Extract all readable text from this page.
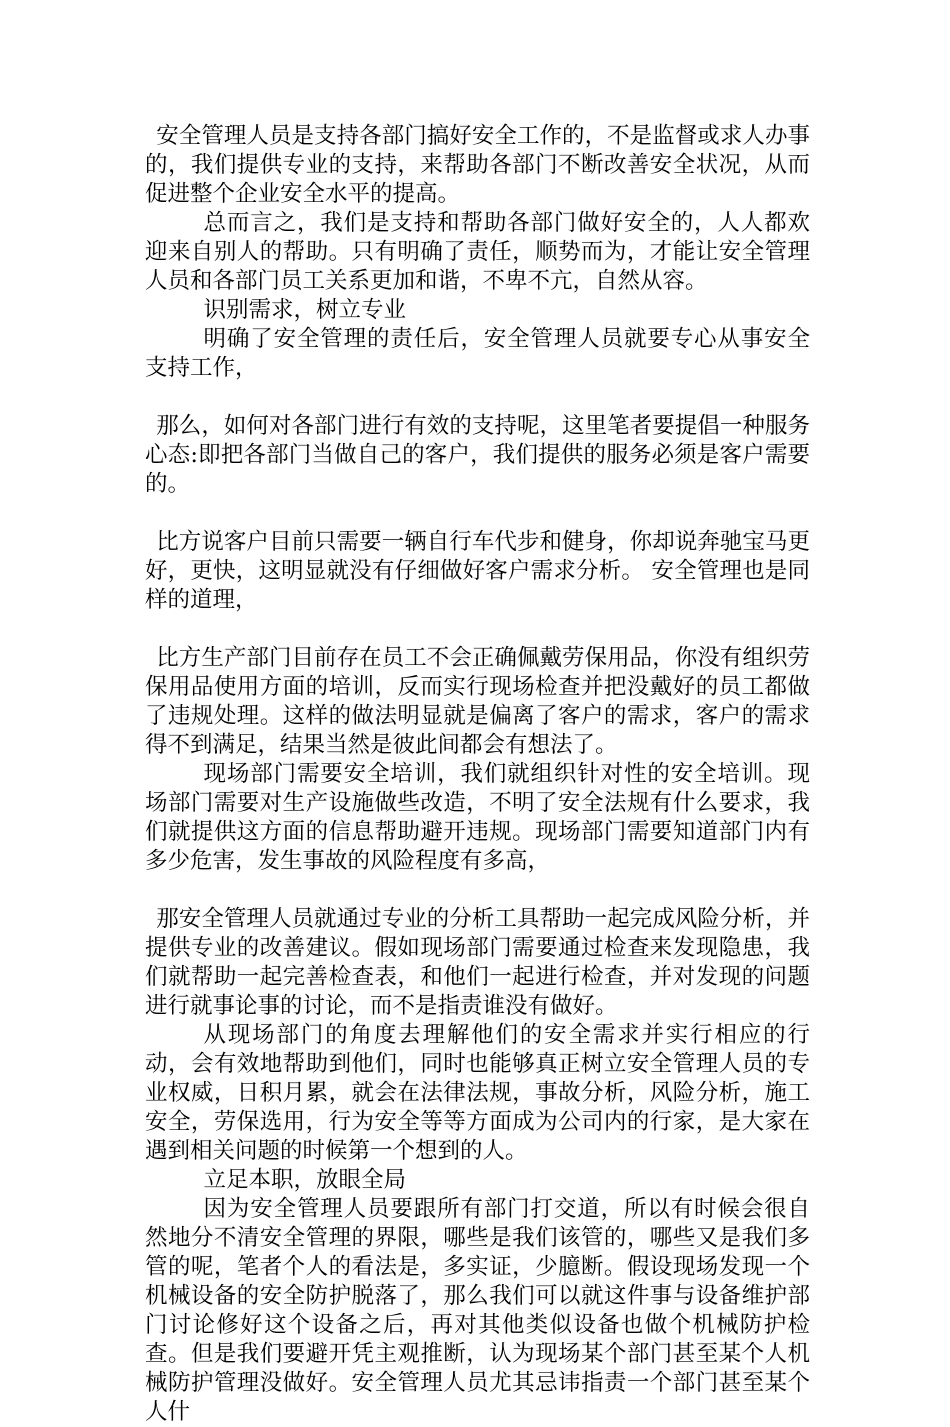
安全管理人员是支持各部门搞好安全工作的，不是监督或求人办事的，我们提供专业的支持，来帮助各部门不断改善安全状况，从而促进整个企业安全水平的提高。

总而言之，我们是支持和帮助各部门做好安全的，人人都欢迎来自别人的帮助。只有明确了责任，顺势而为，才能让安全管理人员和各部门员工关系更加和谐，不卑不亢，自然从容。

识别需求，树立专业

明确了安全管理的责任后，安全管理人员就要专心从事安全支持工作，

那么，如何对各部门进行有效的支持呢，这里笔者要提倡一种服务心态:即把各部门当做自己的客户，我们提供的服务必须是客户需要的。

比方说客户目前只需要一辆自行车代步和健身，你却说奔驰宝马更好，更快，这明显就没有仔细做好客户需求分析。 安全管理也是同样的道理，

比方生产部门目前存在员工不会正确佩戴劳保用品，你没有组织劳保用品使用方面的培训，反而实行现场检查并把没戴好的员工都做了违规处理。这样的做法明显就是偏离了客户的需求，客户的需求得不到满足，结果当然是彼此间都会有想法了。

现场部门需要安全培训，我们就组织针对性的安全培训。现场部门需要对生产设施做些改造，不明了安全法规有什么要求，我们就提供这方面的信息帮助避开违规。现场部门需要知道部门内有多少危害，发生事故的风险程度有多高，

那安全管理人员就通过专业的分析工具帮助一起完成风险分析，并提供专业的改善建议。假如现场部门需要通过检查来发现隐患，我们就帮助一起完善检查表，和他们一起进行检查，并对发现的问题进行就事论事的讨论，而不是指责谁没有做好。

从现场部门的角度去理解他们的安全需求并实行相应的行动，会有效地帮助到他们，同时也能够真正树立安全管理人员的专业权威，日积月累，就会在法律法规，事故分析，风险分析，施工安全，劳保选用，行为安全等等方面成为公司内的行家，是大家在遇到相关问题的时候第一个想到的人。

立足本职，放眼全局

因为安全管理人员要跟所有部门打交道，所以有时候会很自然地分不清安全管理的界限，哪些是我们该管的，哪些又是我们多管的呢，笔者个人的看法是，多实证，少臆断。假设现场发现一个机械设备的安全防护脱落了，那么我们可以就这件事与设备维护部门讨论修好这个设备之后，再对其他类似设备也做个机械防护检查。但是我们要避开凭主观推断，认为现场某个部门甚至某个人机械防护管理没做好。安全管理人员尤其忌讳指责一个部门甚至某个人什
